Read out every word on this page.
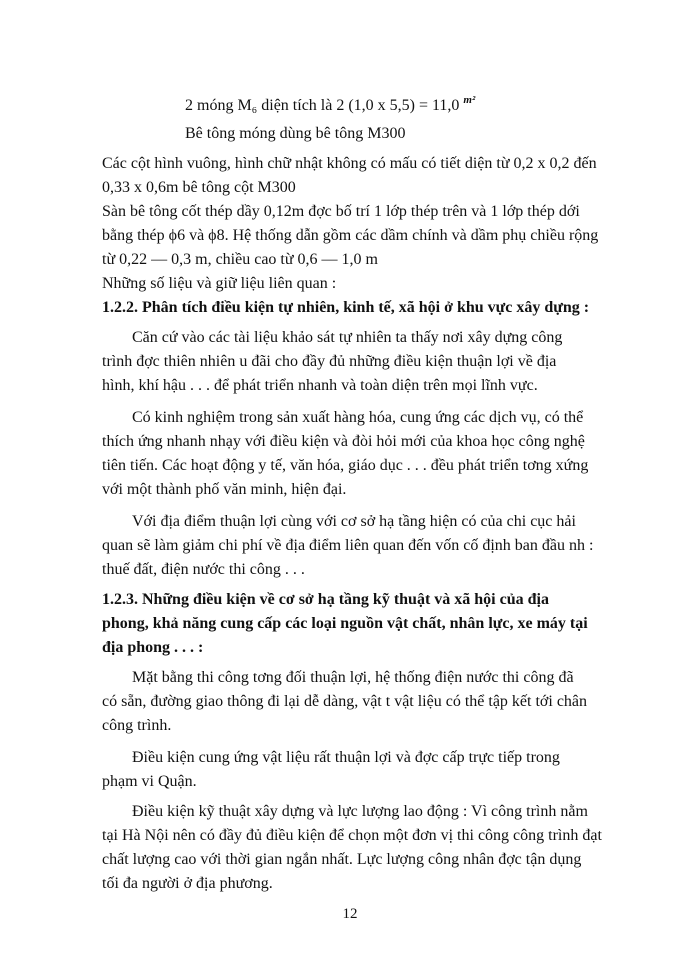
2 móng M₆ diện tích là 2 (1,0 x 5,5) = 11,0 $^{m^2}$
Bê tông móng dùng bê tông M300
Các cột hình vuông, hình chữ nhật không có mấu có tiết diện từ 0,2 x 0,2 đến
0,33 x 0,6m bê tông cột M300
Sàn bê tông cốt thép dầy 0,12m đợc bố trí 1 lớp thép trên và 1 lớp thép dới
bằng thép ϕ6 và ϕ8. Hệ thống dẫn gồm các dầm chính và dầm phụ chiều rộng
từ 0,22 — 0,3 m, chiều cao từ 0,6 — 1,0 m
Những số liệu và giữ liệu liên quan :
1.2.2. Phân tích điều kiện tự nhiên, kinh tế, xã hội ở khu vực xây dựng :
Căn cứ vào các tài liệu khảo sát tự nhiên ta thấy nơi xây dựng công
trình đợc thiên nhiên u đãi cho đầy đủ những điều kiện thuận lợi về địa
hình, khí hậu . . . để phát triển nhanh và toàn diện trên mọi lĩnh vực.
Có kinh nghiệm trong sản xuất hàng hóa, cung ứng các dịch vụ, có thể
thích ứng nhanh nhạy với điều kiện và đòi hỏi mới của khoa học công nghệ
tiên tiến. Các hoạt động y tế, văn hóa, giáo dục . . . đều phát triển tơng xứng
với một thành phố văn minh, hiện đại.
Với địa điểm thuận lợi cùng với cơ sở hạ tầng hiện có của chi cục hải
quan sẽ làm giảm chi phí về địa điểm liên quan đến vốn cố định ban đầu nh :
thuế đất, điện nước thi công . . .
1.2.3. Những điều kiện về cơ sở hạ tầng kỹ thuật và xã hội của địa
phong, khả năng cung cấp các loại nguồn vật chất, nhân lực, xe máy tại
địa phong . . . :
Mặt bằng thi công tơng đối thuận lợi, hệ thống điện nước thi công đã
có sẵn, đường giao thông đi lại dễ dàng, vật t vật liệu có thể tập kết tới chân
công trình.
Điều kiện cung ứng vật liệu rất thuận lợi và đợc cấp trực tiếp trong
phạm vi Quận.
Điều kiện kỹ thuật xây dựng và lực lượng lao động : Vì công trình nằm
tại Hà Nội nên có đầy đủ điều kiện để chọn một đơn vị thi công công trình đạt
chất lượng cao với thời gian ngắn nhất. Lực lượng công nhân đợc tận dụng
tối đa người ở địa phương.
12
